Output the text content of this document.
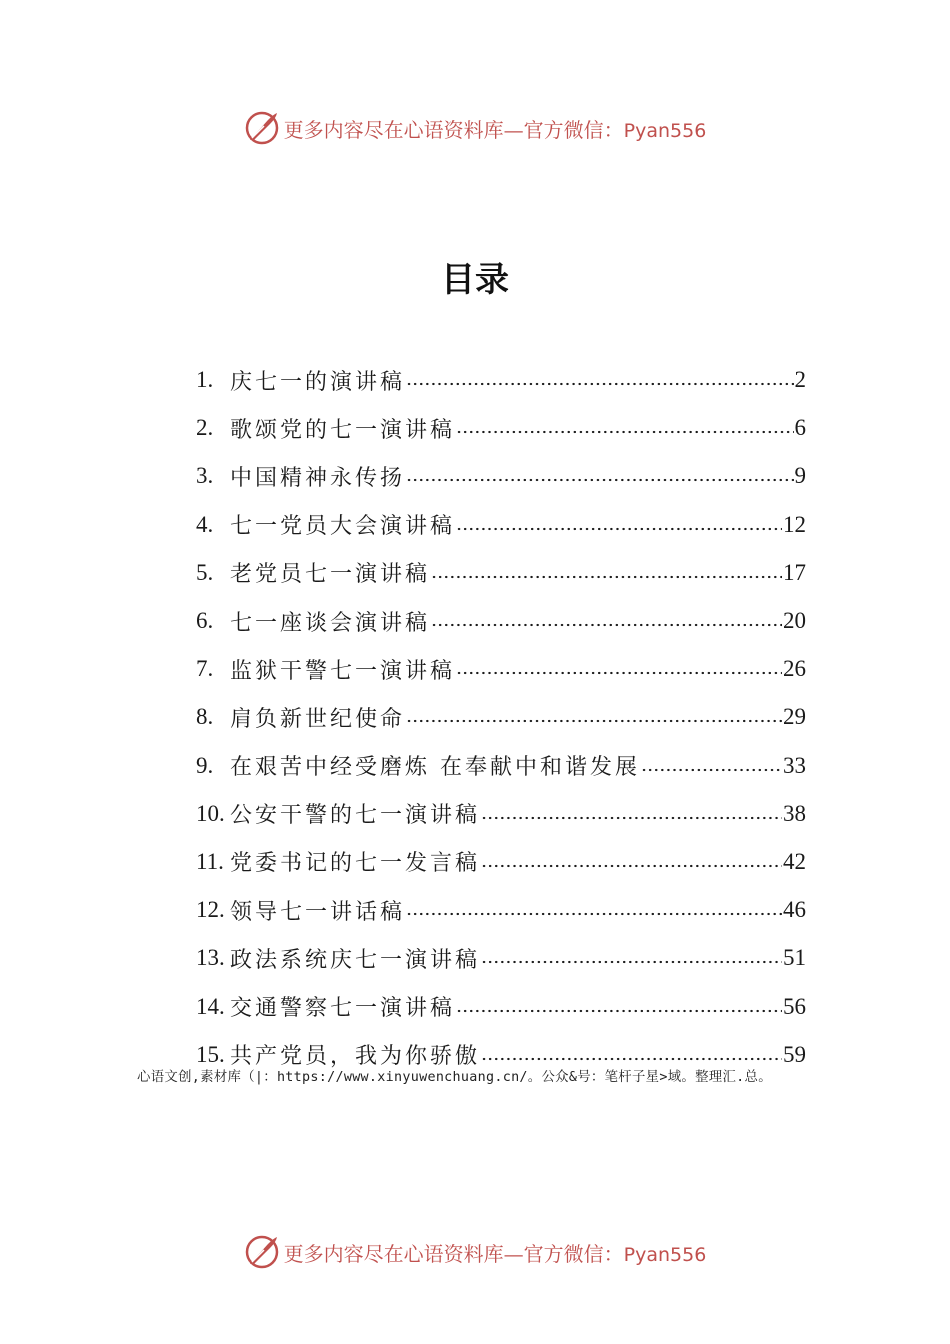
更多内容尽在心语资料库—官方微信：Pyan556
目录
1. 庆七一的演讲稿	2
2. 歌颂党的七一演讲稿	6
3. 中国精神永传扬	9
4. 七一党员大会演讲稿	12
5. 老党员七一演讲稿	17
6. 七一座谈会演讲稿	20
7. 监狱干警七一演讲稿	26
8. 肩负新世纪使命	29
9. 在艰苦中经受磨炼 在奉献中和谐发展	33
10. 公安干警的七一演讲稿	38
11. 党委书记的七一发言稿	42
12. 领导七一讲话稿	46
13. 政法系统庆七一演讲稿	51
14. 交通警察七一演讲稿	56
15. 共产党员，我为你骄傲	59
心语文创,素材库（|：https://www.xinyuwenchuang.cn/。公众&号：笔杆子星>域。整理汇.总。
更多内容尽在心语资料库—官方微信：Pyan556
